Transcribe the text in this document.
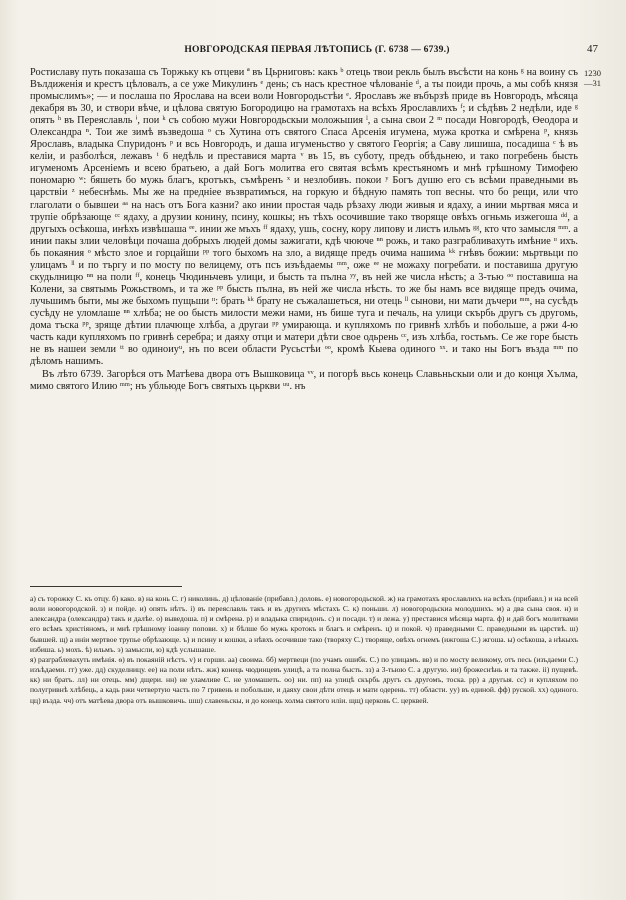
НОВГОРОДСКАЯ ПЕРВАЯ ЛѢТОПИСЬ (Г. 6738 — 6739.)	47
1230
—31

Ростиславу путь показаша съ Торжьку къ отцеви ª въ Цьрниговъ: какъ ᵇ отець твои рекль былъ въсѣсти на конь ᵍ на воину съ Вълдиженія и крестъ цѣловалъ, а се уже Микулинъ ᵉ день; съ насъ крестное чѣлованіе ᵈ, а ты поиди прочь, а мы собѣ князя промыслимъ»; — и послаша по Ярослава на всеи воли Новгородьстѣи ᵉ. Ярославъ же въбързѣ приде въ Новгородъ, мѣсяца декабря въ 30, и створи вѣче, и цѣлова святую Богородицю на грамотахъ на всѣхъ Ярославлихъ ᶠ; и сѣдѣвъ 2 недѣли, иде ᵍ опять ʰ въ Переяславль ⁱ, пои ᵏ съ собою мужи Новгородьскыи моложьшия ˡ, а сына свои 2 ᵐ посади Новгородѣ, Өеодора и Олександра ⁿ. Тои же зимѣ възведоша ᵒ съ Хутина отъ святого Спаса Арсенія игумена, мужа кротка и смѣрена ᵖ, князь Ярославъ, владыка Спуридонъ ᵖ и всь Новгородъ, и даша игуменьство у святого Георгія; а Саву лишиша, посадиша ᶜ ѣ въ келіи, и разболѣся, лежавъ ᵗ 6 недѣль и преставися марта ᵛ въ 15, въ суботу, предъ обѣдьнею, и тако погребень бысть игуменомъ Арсеніемъ и всею братьею, а дай Богъ молитва его святая всѣмъ крестьяномъ и мнѣ грѣшному Тимофею пономарю ʷ: бяшеть бо мужь благъ, кротъкъ, съмѣренъ ˣ и незлобивъ. покои ʸ Богъ душю его съ всѣми праведными въ царствіи ᶻ небеснѣмь. Мы же на предніее възвратимъся, на горкую и бѣдную память топ весны. что бо рещи, или что глаголати о бывшеи ᵃᵃ на насъ отъ Бога казни? ако инии простая чадь рѣзаху люди живыя и ядаху, а инии мьртвая мяса и трупіе обрѣзающе ᶜᶜ ядаху, а друзии конину, псину, кошкы; нъ тѣхъ осочившие тако творяще овѣхъ огньмь изжегоша ᵈᵈ, а другыхъ осѣкоша, инѣхъ извѣшаша ᵉᵉ. инии же мъхъ ᶠᶠ ядаху, ушь, сосну, кору липову и листъ ильмъ ᵍᵍ, кто что замысля ᵐᵐ. а инии пакы злии человѣци почаша добрыхъ людей домы зажигати, кдѣ чююче ⁿⁿ рожь, и тако разграбливахуть имѣние ᶦᶦ ихъ. бь покаяния ᵒ мѣсто злое и горцайши ᵖᵖ того быхомъ на зло, а видяще предъ очима нашима ᵏᵏ гнѣвъ божии: мьртвьци по улицамъ ˡˡ и по търгу и по мосту по велицему, отъ псъ изъѣдаемы ᵐᵐ, оже ᵉᵉ не можаху погребати. и поставиша другую скудьлницю ⁿⁿ на поли ᶠᶠ, конець Чюдиньчевъ улици, и бысть та пълна ʸʸ, въ ней же числа нѣсть; а 3-тью ᵒᵒ поставиша на Колени, за святымь Рожьствомъ, и та же ᵖᵖ бысть пълна, въ ней же числа нѣсть. то же бы намъ все видяще предъ очима, лучьшимъ быти, мы же быхомъ пущьши ᶦᶦ: брать ᵏᵏ брату не съжалашеться, ни отець ˡˡ сынови, ни мати дъчери ᵐᵐ, на сусѣдъ сусѣду не уломлаше ⁿⁿ хлѣба; не оо бысть милости межи нами, нъ бише туга и печаль, на улици скърбь другъ съ другомь, дома тъска ᵖᵖ, зряще дѣтии плачюще хлѣба, а другаи ᵖᵖ умирающа. и купляхомъ по гривнѣ хлѣбъ и побольше, а ржи 4-ю часть кади купляхомъ по гривнѣ серебра; и даяху отци и матери дѣти свое одьрень ᶜᶜ, изъ хлѣба, гостьмъ. Се же горе бысть не въ нашеи земли ᵗᵗ во одиноиуᵘ, нъ по всеи области Русьстѣи ᵒᵒ, кромѣ Кыева одиного ˣˣ. и тако ны Богъ възда ᵐᵐ по дѣломъ нашимъ.

Въ лѣто 6739. Загорѣся отъ Матѣева двора отъ Вышковица ᵛᵛ, и погорѣ вьсь конець Славьньскыи оли и до конця Хълма, мимо святого Илию ᵐᵐ; нъ убльюде Богъ святыхъ цьркви ᵘᵘ. нъ

а) съ торожку С. къ отцу. б) како. в) на конь С. г) николинь. д) цѣлованіе (прибавл.) доловь. е) новогородьской. ж) на грамотахъ ярославлихъ на всѣхъ (прибавл.) и на всей воли новогородской. з) и пойде. и) опять нѣтъ. і) въ переяславль такъ и въ другихъ мѣстахъ С. к) поньши. л) новогородьскиа молодшихъ. м) а два сына своя. н) и александра (олександра) такъ и далѣе. о) выведоша. п) и смѣрена. р) и владыка спиридонъ. с) и посади. т) и лежа. у) преставися мѣсяца марта. ф) и дай богъ молитвами его всѣмъ христіяномъ, и мнѣ грѣшному іоанну попови. х) и бѣлше бо мужь кротокъ и благъ и смѣренъ. ц) и покой. ч) праведными С. праведными въ царствѣ. ш) бывшей. щ) а инiи мертвое трупье обрѣзающе. ъ) и псину и кошки, а нѣвхъ осочивше тако (творяху С.) творяще, овѣхъ огнемъ (ижгоша С.) жгоша. ы) осѣкоша, а нѣкыхъ избиша. ь) мохъ. ѣ) ильмъ. э) замысли, ю) кдѣ услышаше.

я) разграблевахуть имѣнія. ѳ) въ покаяній нѣстъ. v) и горши. аа) своима. бб) мертвеци (по учамъ ошибк. С.) по улицамъ. вв) и по мосту великому, отъ песь (изъдаеми С.) изъѣдаеми. гг) уже. дд) скуделницу. ее) на поли нѣтъ. жж) конець чюдинцевъ улицѣ, а та полна бысть. зз) а 3-тьюю С. а другую. ии) брожеснѣнь и та также. іі) пущевѣ. кк) ни братъ. лл) ни отець. мм) дщери. нн) не уламливе С. не уломашеть. оо) ни. пп) на улицѣ скърбь другъ съ другомъ, тоска. рр) а другыя. сс) и купляхом по полугривнѣ хлѣбець, а кадь ржи четвертую часть по 7 гривень и побольше, и даяху свои дѣти отець и мати одерень. тт) области. уу) въ единой. фф) руской. хх) одиного. цц) възда. чч) отъ матѣева двора отъ вышковичь. шш) славеньскы, и до конець холма святого иліи. щщ) церковь С. церквей.
